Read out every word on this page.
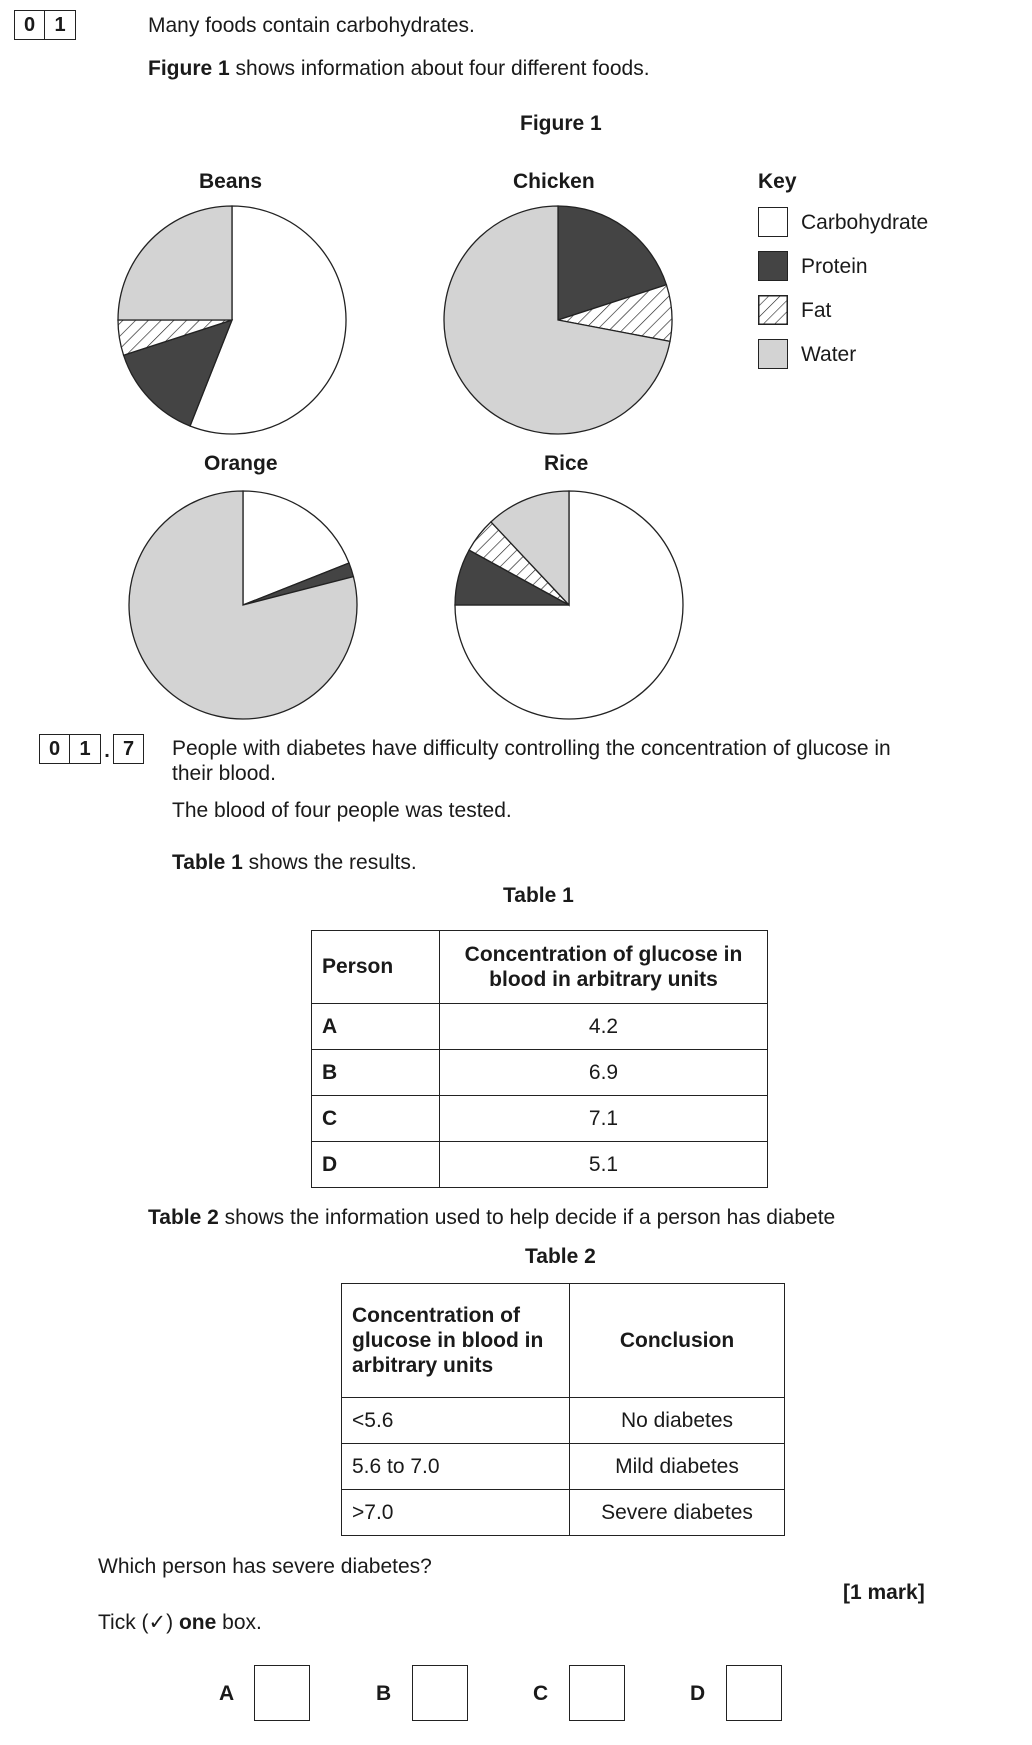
0 1	Many foods contain carbohydrates.
Figure 1 shows information about four different foods.
Figure 1
Beans	Chicken
Orange	Rice
Key
Carbohydrate
Protein
Fat
Water
0 1 . 7	People with diabetes have difficulty controlling the concentration of glucose in
their blood.
The blood of four people was tested.
Table 1 shows the results.
Table 1
Person	Concentration of glucose in blood in arbitrary units
A	4.2
B	6.9
C	7.1
D	5.1
Table 2 shows the information used to help decide if a person has diabete
Table 2
Concentration of glucose in blood in arbitrary units	Conclusion
<5.6	No diabetes
5.6 to 7.0	Mild diabetes
>7.0	Severe diabetes
Which person has severe diabetes?
[1 mark]
Tick (✓) one box.
A	B	C	D
